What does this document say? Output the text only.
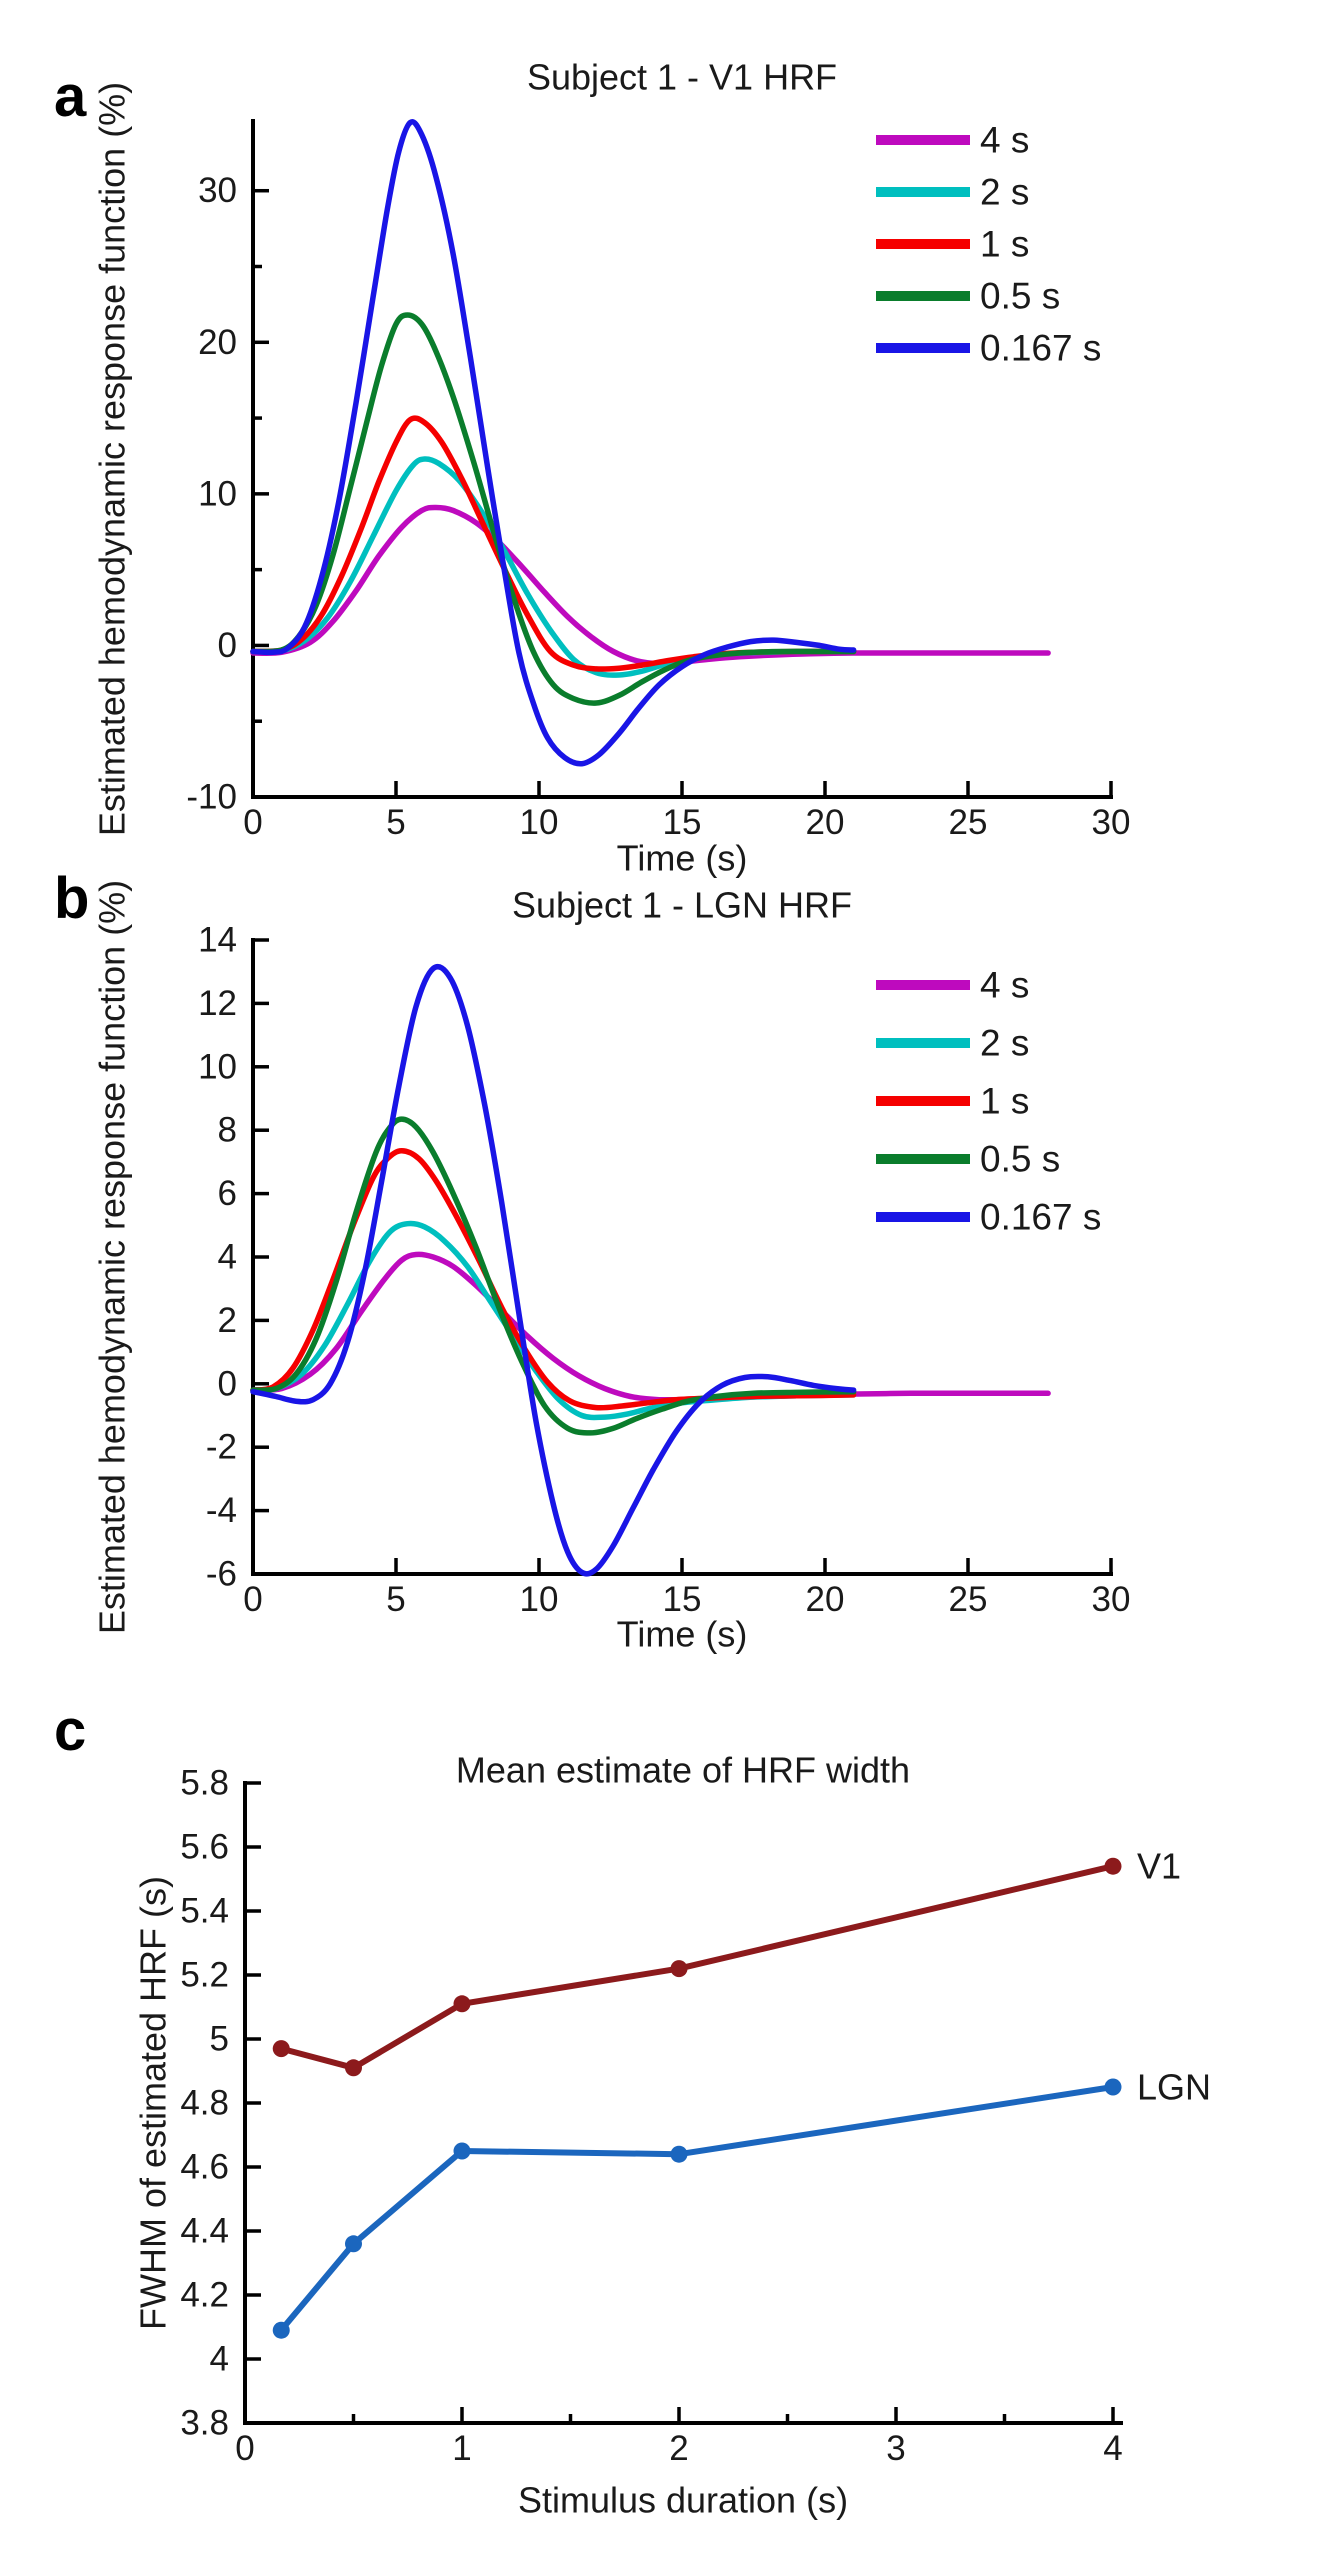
a
b
c
0	5	10	15	20	25	30
-10
0
10
20
30
Subject 1 - V1 HRF
Time (s)
Estimated hemodynamic response function (%)	4 s
2 s
1 s
0.5 s
0.167 s
0	5	10	15	20	25	30
-6
-4
-2
0
2
4
6
8
10
12
14
Subject 1 - LGN HRF
Time (s)
Estimated hemodynamic response function (%)	4 s
2 s
1 s
0.5 s
0.167 s
0	1	2	3	4
3.8
4
4.2
4.4
4.6
4.8
5
5.2
5.4
5.6
5.8	Mean estimate of HRF width
Stimulus duration (s)
FWHM of estimated HRF (s)
V1
LGN
